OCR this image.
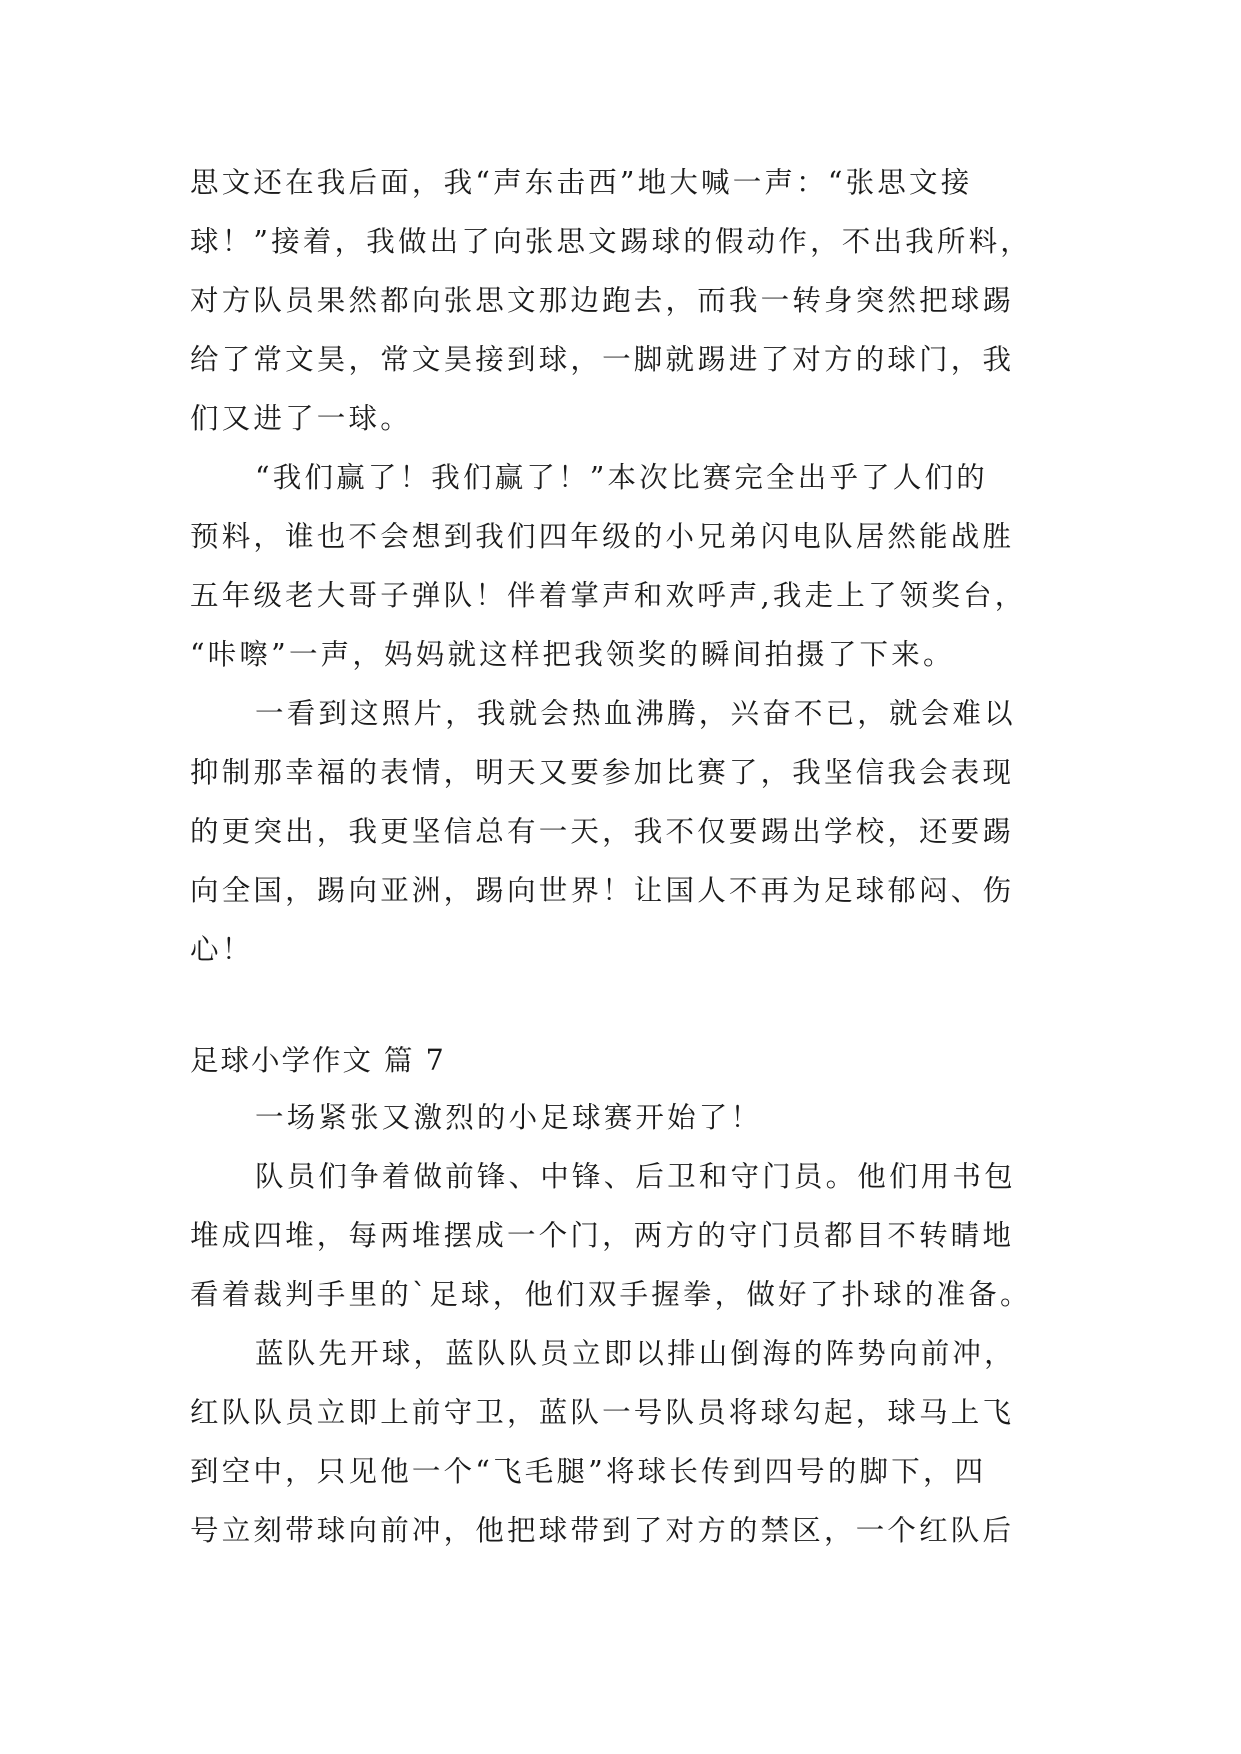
思文还在我后面，我“声东击西”地大喊一声：“张思文接
球！”接着，我做出了向张思文踢球的假动作，不出我所料，
对方队员果然都向张思文那边跑去，而我一转身突然把球踢
给了常文昊，常文昊接到球，一脚就踢进了对方的球门，我
们又进了一球。
“我们赢了！我们赢了！”本次比赛完全出乎了人们的
预料，谁也不会想到我们四年级的小兄弟闪电队居然能战胜
五年级老大哥子弹队！伴着掌声和欢呼声,我走上了领奖台，
“咔嚓”一声，妈妈就这样把我领奖的瞬间拍摄了下来。
一看到这照片，我就会热血沸腾，兴奋不已，就会难以
抑制那幸福的表情，明天又要参加比赛了，我坚信我会表现
的更突出，我更坚信总有一天，我不仅要踢出学校，还要踢
向全国，踢向亚洲，踢向世界！让国人不再为足球郁闷、伤
心！
足球小学作文 篇 7
一场紧张又激烈的小足球赛开始了！
队员们争着做前锋、中锋、后卫和守门员。他们用书包
堆成四堆，每两堆摆成一个门，两方的守门员都目不转睛地
看着裁判手里的`足球，他们双手握拳，做好了扑球的准备。
蓝队先开球，蓝队队员立即以排山倒海的阵势向前冲，
红队队员立即上前守卫，蓝队一号队员将球勾起，球马上飞
到空中，只见他一个“飞毛腿”将球长传到四号的脚下，四
号立刻带球向前冲，他把球带到了对方的禁区，一个红队后
